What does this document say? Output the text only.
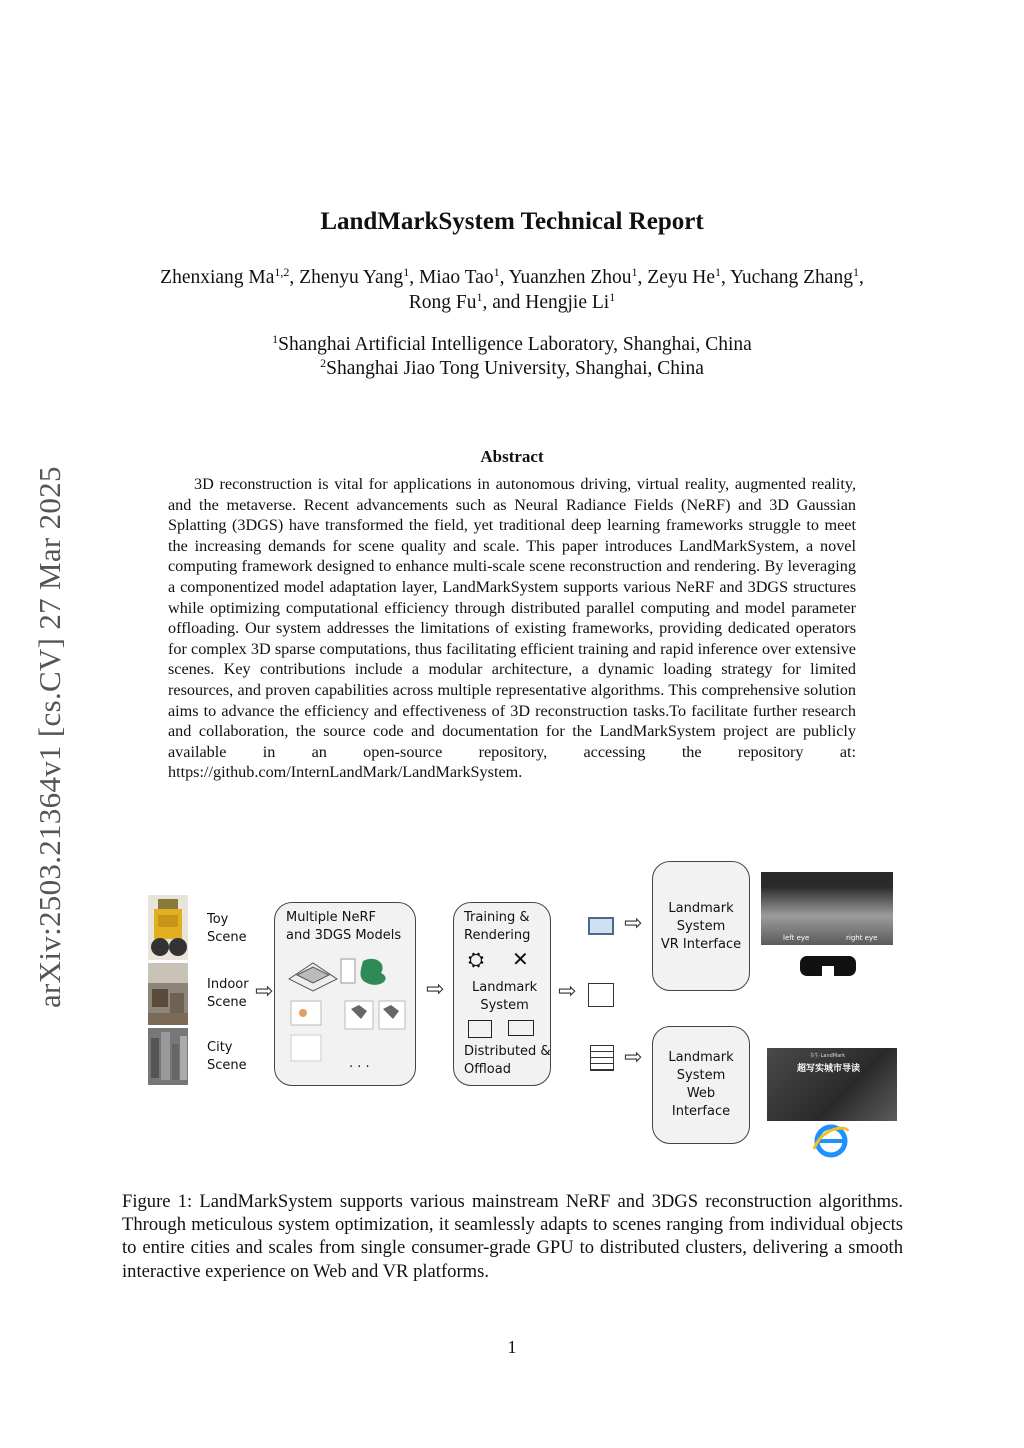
arXiv:2503.21364v1 [cs.CV] 27 Mar 2025
LandMarkSystem Technical Report
Zhenxiang Ma$^{1,2}$, Zhenyu Yang$^1$, Miao Tao$^1$, Yuanzhen Zhou$^1$, Zeyu He$^1$, Yuchang Zhang$^1$, Rong Fu$^1$, and Hengjie Li$^1$
$^1$Shanghai Artificial Intelligence Laboratory, Shanghai, China
$^2$Shanghai Jiao Tong University, Shanghai, China
Abstract
3D reconstruction is vital for applications in autonomous driving, virtual reality, augmented reality, and the metaverse. Recent advancements such as Neural Radiance Fields (NeRF) and 3D Gaussian Splatting (3DGS) have transformed the field, yet traditional deep learning frameworks struggle to meet the increasing demands for scene quality and scale. This paper introduces LandMarkSystem, a novel computing framework designed to enhance multi-scale scene reconstruction and rendering. By leveraging a componentized model adaptation layer, LandMarkSystem supports various NeRF and 3DGS structures while optimizing computational efficiency through distributed parallel computing and model parameter offloading. Our system addresses the limitations of existing frameworks, providing dedicated operators for complex 3D sparse computations, thus facilitating efficient training and rapid inference over extensive scenes. Key contributions include a modular architecture, a dynamic loading strategy for limited resources, and proven capabilities across multiple representative algorithms. This comprehensive solution aims to advance the efficiency and effectiveness of 3D reconstruction tasks.To facilitate further research and collaboration, the source code and documentation for the LandMarkSystem project are publicly available in an open-source repository, accessing the repository at: https://github.com/InternLandMark/LandMarkSystem.
Toy
Scene
Indoor
Scene
City
Scene
⇨
Multiple NeRF
and 3DGS Models
. . .
⇨
Training &
Rendering
⛭ ✕
Landmark
System
Distributed &
Offload
⇨
⇨
⇨
Landmark
System
VR Interface
Landmark
System
Web
Interface
left eye	right eye
书生·LandMark
超写实城市导读
Figure 1: LandMarkSystem supports various mainstream NeRF and 3DGS reconstruction algorithms. Through meticulous system optimization, it seamlessly adapts to scenes ranging from individual objects to entire cities and scales from single consumer-grade GPU to distributed clusters, delivering a smooth interactive experience on Web and VR platforms.
1
